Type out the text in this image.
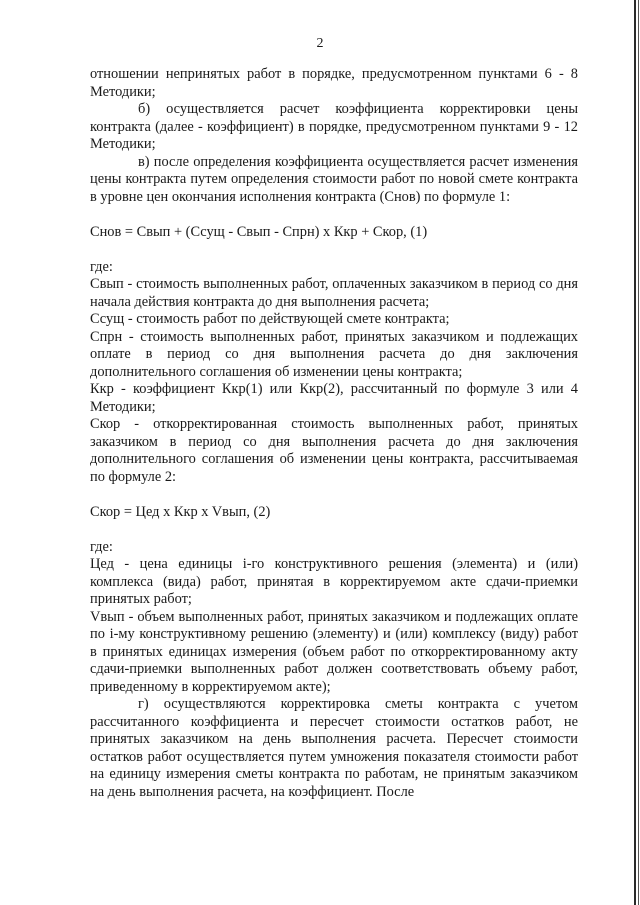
2

отношении непринятых работ в порядке, предусмотренном пунктами 6 - 8 Методики;

б) осуществляется расчет коэффициента корректировки цены контракта (далее - коэффициент) в порядке, предусмотренном пунктами 9 - 12 Методики;

в) после определения коэффициента осуществляется расчет изменения цены контракта путем определения стоимости работ по новой смете контракта в уровне цен окончания исполнения контракта (Снов) по формуле 1:

Снов = Свып + (Ссущ - Свып - Спрн) x Ккр + Скор, (1)

где:

Свып - стоимость выполненных работ, оплаченных заказчиком в период со дня начала действия контракта до дня выполнения расчета;

Ссущ - стоимость работ по действующей смете контракта;

Спрн - стоимость выполненных работ, принятых заказчиком и подлежащих оплате в период со дня выполнения расчета до дня заключения дополнительного соглашения об изменении цены контракта;

Ккр - коэффициент Ккр(1) или Ккр(2), рассчитанный по формуле 3 или 4 Методики;

Скор - откорректированная стоимость выполненных работ, принятых заказчиком в период со дня выполнения расчета до дня заключения дополнительного соглашения об изменении цены контракта, рассчитываемая по формуле 2:

Скор = Цед x Ккр x Vвып, (2)

где:

Цед - цена единицы i-го конструктивного решения (элемента) и (или) комплекса (вида) работ, принятая в корректируемом акте сдачи-приемки принятых работ;

Vвып - объем выполненных работ, принятых заказчиком и подлежащих оплате по i-му конструктивному решению (элементу) и (или) комплексу (виду) работ в принятых единицах измерения (объем работ по откорректированному акту сдачи-приемки выполненных работ должен соответствовать объему работ, приведенному в корректируемом акте);

г) осуществляются корректировка сметы контракта с учетом рассчитанного коэффициента и пересчет стоимости остатков работ, не принятых заказчиком на день выполнения расчета. Пересчет стоимости остатков работ осуществляется путем умножения показателя стоимости работ на единицу измерения сметы контракта по работам, не принятым заказчиком на день выполнения расчета, на коэффициент. После
